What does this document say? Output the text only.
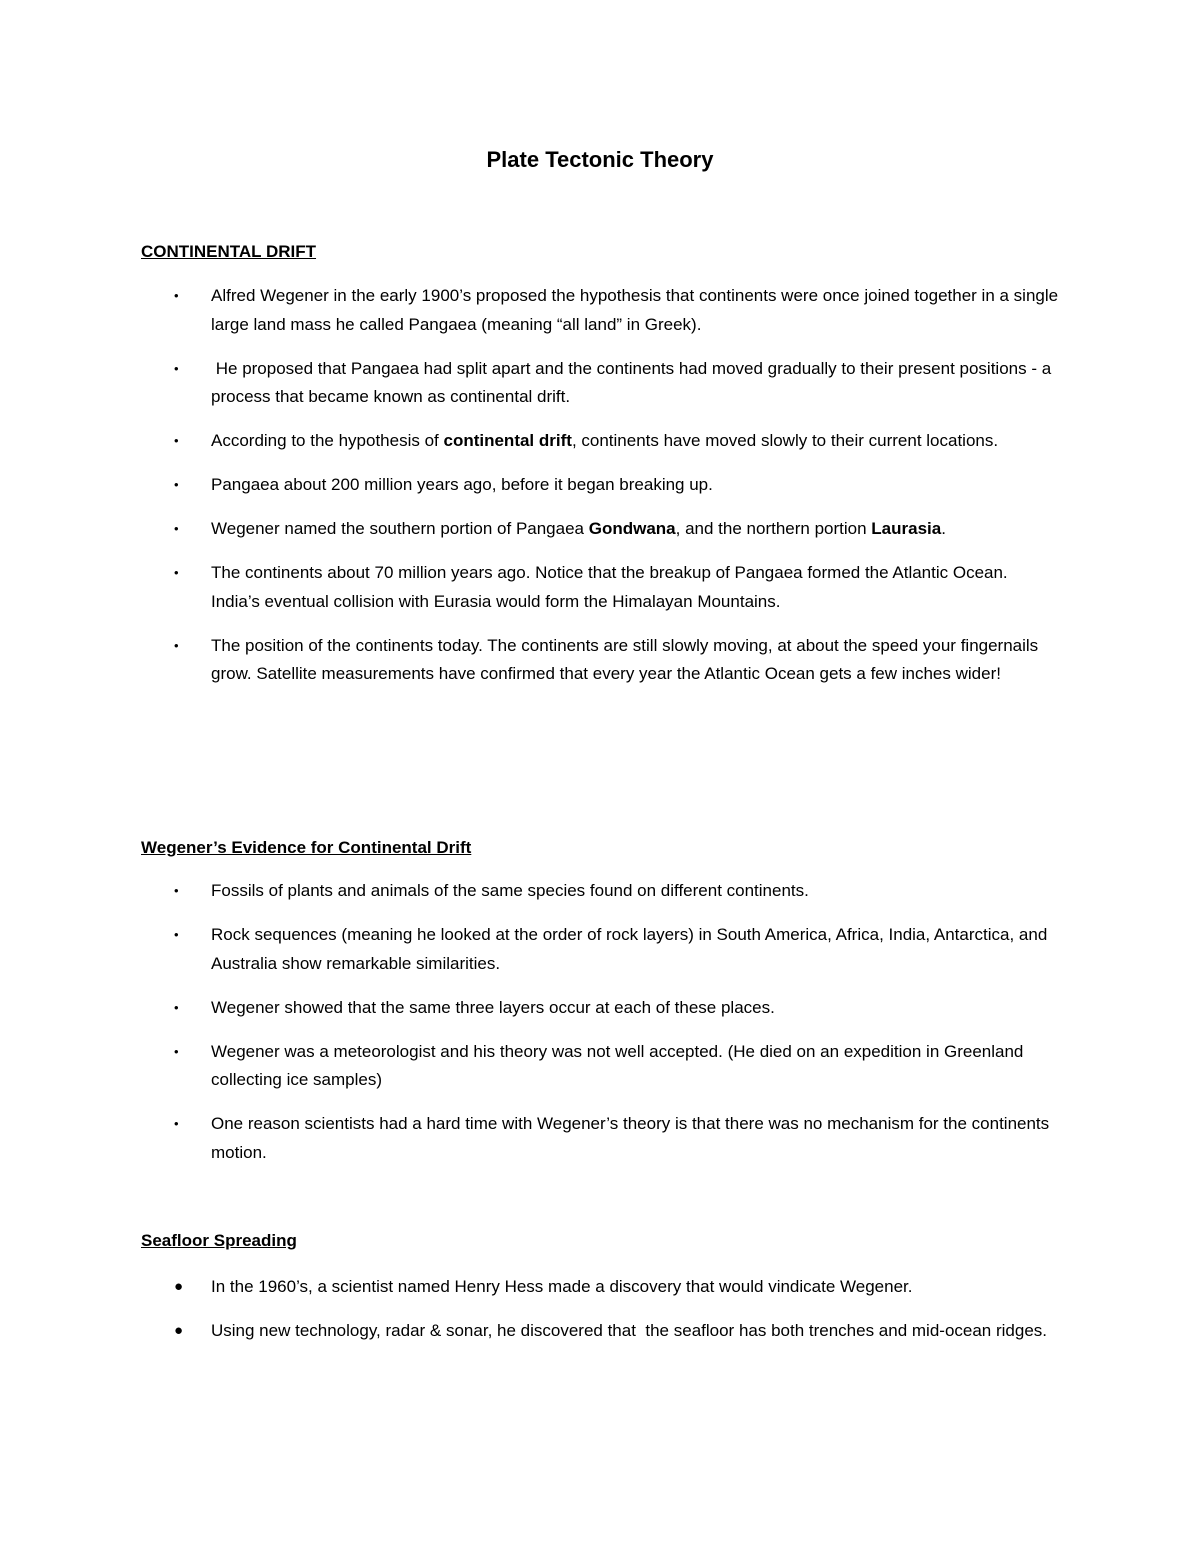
Plate Tectonic Theory
CONTINENTAL DRIFT
•	Alfred Wegener in the early 1900’s proposed the hypothesis that continents were once joined together in a single large land mass he called Pangaea (meaning “all land” in Greek).
•	He proposed that Pangaea had split apart and the continents had moved gradually to their present positions - a process that became known as continental drift.
•	According to the hypothesis of continental drift, continents have moved slowly to their current locations.
•	Pangaea about 200 million years ago, before it began breaking up.
•	Wegener named the southern portion of Pangaea Gondwana, and the northern portion Laurasia.
•	The continents about 70 million years ago. Notice that the breakup of Pangaea formed the Atlantic Ocean. India’s eventual collision with Eurasia would form the Himalayan Mountains.
•	The position of the continents today. The continents are still slowly moving, at about the speed your fingernails grow. Satellite measurements have confirmed that every year the Atlantic Ocean gets a few inches wider!
Wegener’s Evidence for Continental Drift
•	Fossils of plants and animals of the same species found on different continents.
•	Rock sequences (meaning he looked at the order of rock layers) in South America, Africa, India, Antarctica, and Australia show remarkable similarities.
•	Wegener showed that the same three layers occur at each of these places.
•	Wegener was a meteorologist and his theory was not well accepted. (He died on an expedition in Greenland collecting ice samples)
•	One reason scientists had a hard time with Wegener’s theory is that there was no mechanism for the continents motion.
Seafloor Spreading
●	In the 1960’s, a scientist named Henry Hess made a discovery that would vindicate Wegener.
●	Using new technology, radar & sonar, he discovered that  the seafloor has both trenches and mid-ocean ridges.
